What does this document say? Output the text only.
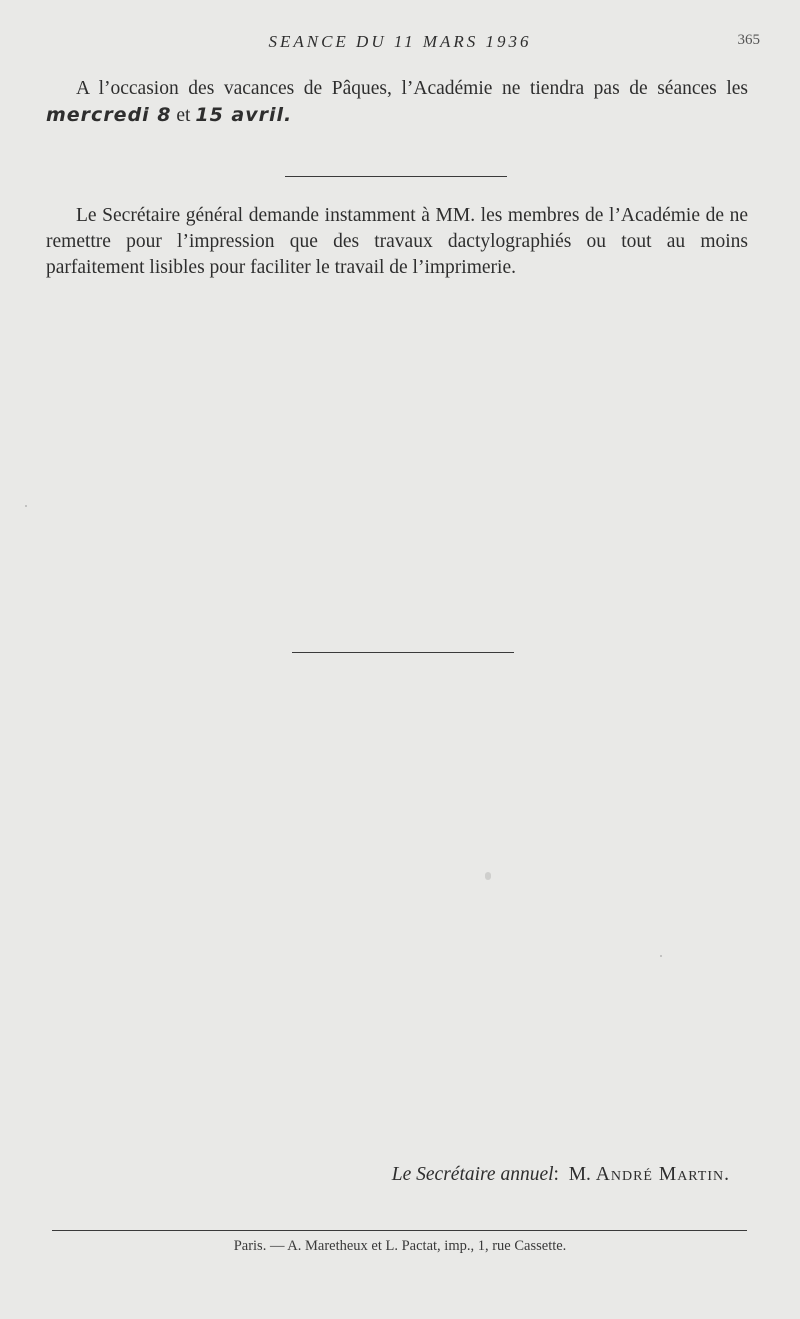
SEANCE DU 11 MARS 1936	365

A l’occasion des vacances de Pâques, l’Académie ne tiendra pas de séances les mercredi 8 et 15 avril.

Le Secrétaire général demande instamment à MM. les membres de l’Académie de ne remettre pour l’impression que des travaux dactylographiés ou tout au moins parfaitement lisibles pour faciliter le travail de l’imprimerie.

Le Secrétaire annuel: M. André Martin.
Paris. — A. Maretheux et L. Pactat, imp., 1, rue Cassette.
